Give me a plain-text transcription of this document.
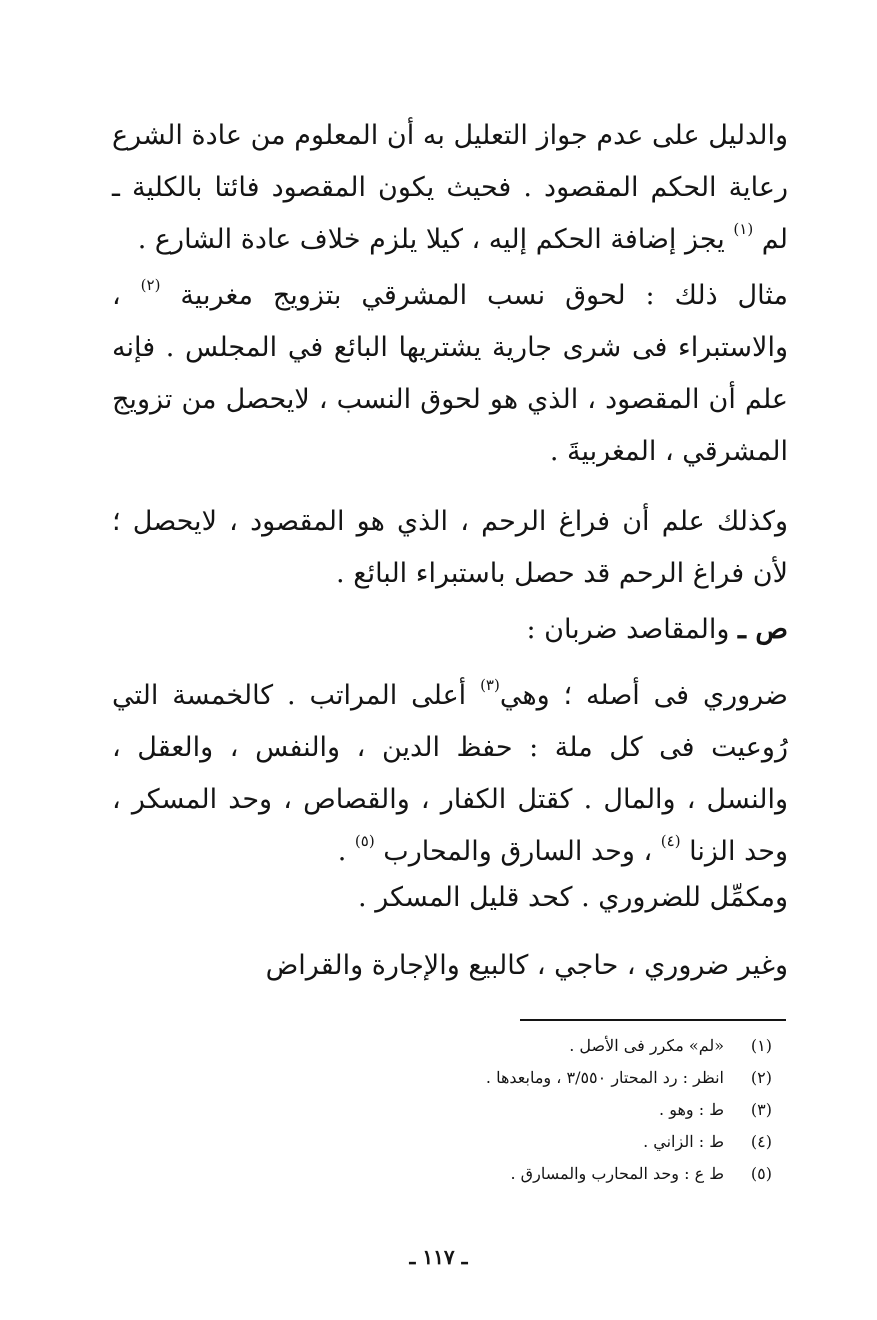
والدليل على عدم جواز التعليل به أن المعلوم من عادة الشرع رعاية الحكم المقصود . فحيث يكون المقصود فائتا بالكلية ـ لم $^{(١)}$ يجز إضافة الحكم إليه ، كيلا يلزم خلاف عادة الشارع .

مثال ذلك : لحوق نسب المشرقي بتزويج مغربية $^{(٢)}$ ، والاستبراء فى شرى جارية يشتريها البائع في المجلس . فإنه علم أن المقصود ، الذي هو لحوق النسب ، لايحصل من تزويج المشرقي ، المغربيةَ .

وكذلك علم أن فراغ الرحم ، الذي هو المقصود ، لايحصل ؛ لأن فراغ الرحم قد حصل باستبراء البائع .

ص ـ والمقاصد ضربان :

ضروري فى أصله ؛ وهي$^{(٣)}$ أعلى المراتب . كالخمسة التي رُوعيت فى كل ملة : حفظ الدين ، والنفس ، والعقل ، والنسل ، والمال . كقتل الكفار ، والقصاص ، وحد المسكر ، وحد الزنا $^{(٤)}$ ، وحد السارق والمحارب $^{(٥)}$ .

ومكمِّل للضروري . كحد قليل المسكر .

وغير ضروري ، حاجي ، كالبيع والإجارة والقراض

(١)
«لم» مكرر فى الأصل .
(٢)
انظر : رد المحتار ٣/٥٥٠ ، ومابعدها .
(٣)
ط : وهو .
(٤)
ط : الزاني .
(٥)
ط ع : وحد المحارب والمسارق .
ـ ١١٧ ـ
